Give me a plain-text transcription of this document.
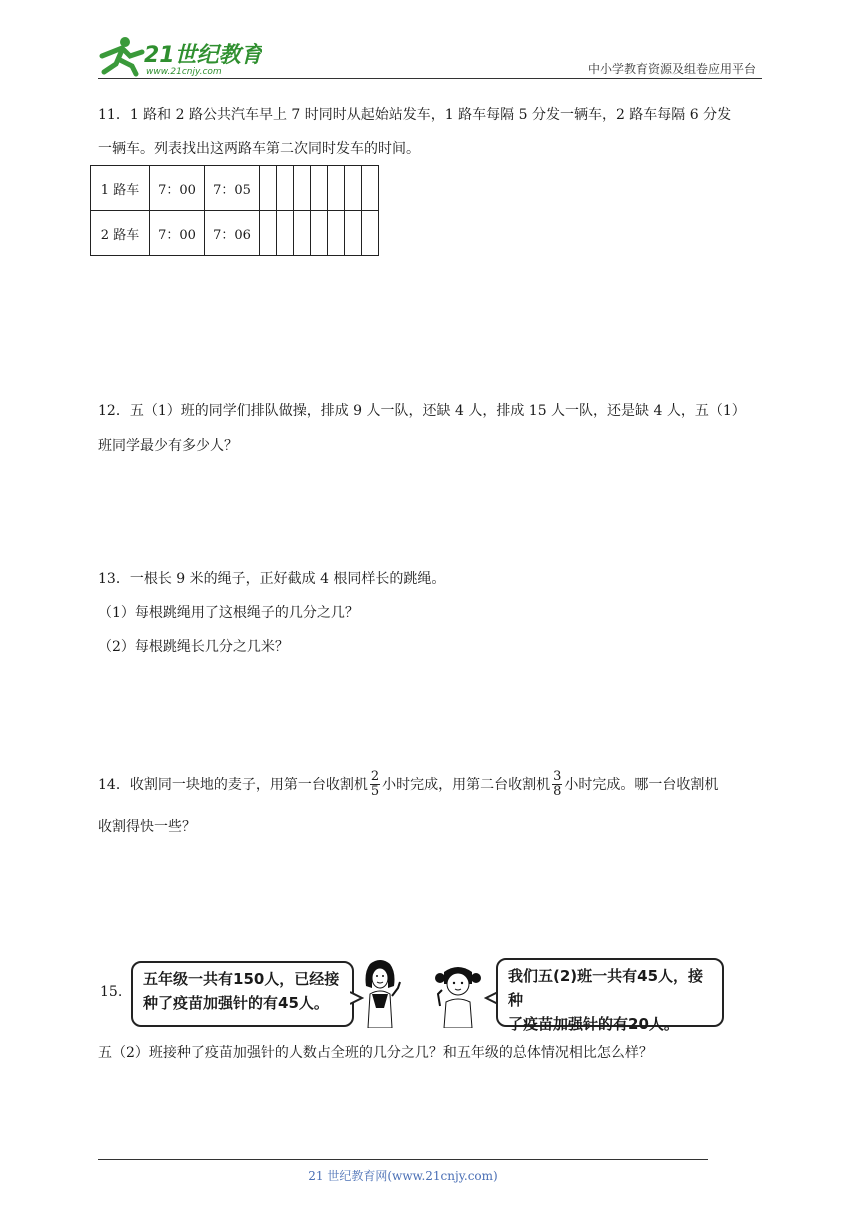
21世纪教育
www.21cnjy.com	中小学教育资源及组卷应用平台
11．1 路和 2 路公共汽车早上 7 时同时从起始站发车，1 路车每隔 5 分发一辆车，2 路车每隔 6 分发
一辆车。列表找出这两路车第二次同时发车的时间。
1 路车	7：00	7：05							
2 路车	7：00	7：06							
12．五（1）班的同学们排队做操，排成 9 人一队，还缺 4 人，排成 15 人一队，还是缺 4 人，五（1）
班同学最少有多少人？
13．一根长 9 米的绳子，正好截成 4 根同样长的跳绳。
（1）每根跳绳用了这根绳子的几分之几？
（2）每根跳绳长几分之几米？
14．收割同一块地的麦子，用第一台收割机 $\frac{2}{5}$ 小时完成，用第二台收割机 $\frac{3}{8}$ 小时完成。哪一台收割机
收割得快一些？
15.
五年级一共有150人，已经接
种了疫苗加强针的有45人。
我们五(2)班一共有45人，接种
了疫苗加强针的有20人。
五（2）班接种了疫苗加强针的人数占全班的几分之几？和五年级的总体情况相比怎么样？
21 世纪教育网(www.21cnjy.com)
